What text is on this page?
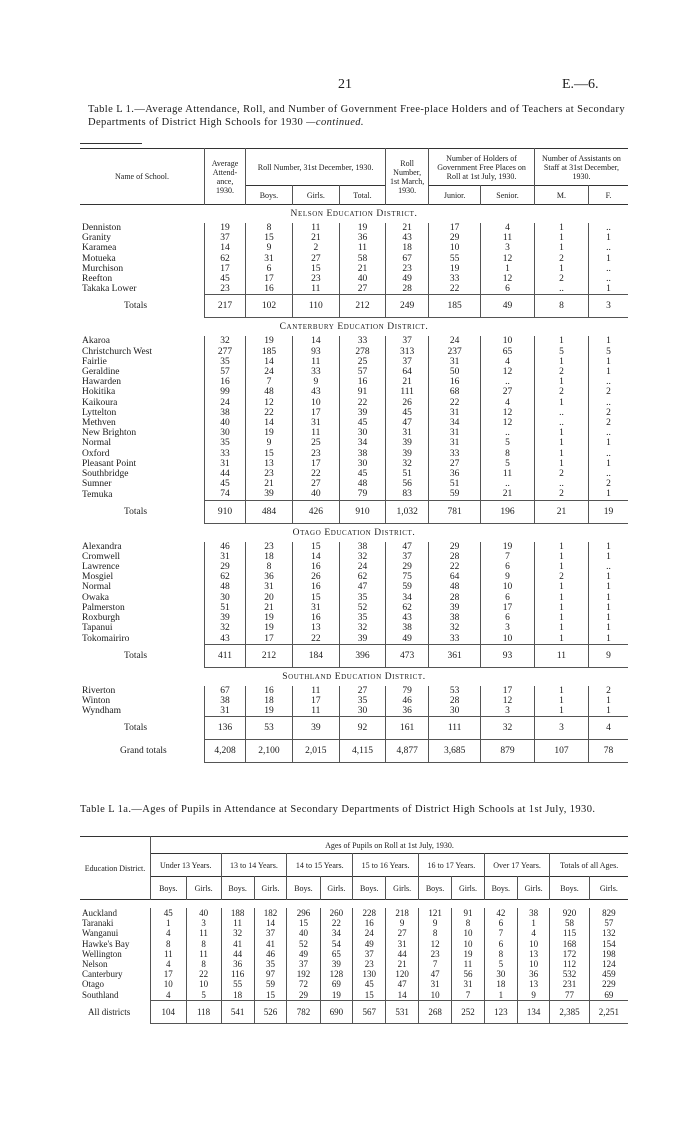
21	E.—6.
Table L 1.—Average Attendance, Roll, and Number of Government Free-place Holders and of Teachers at Secondary Departments of District High Schools for 1930 —continued.
Name of School.	Average Attend- ance, 1930.	Roll Number, 31st December, 1930.			Roll Number, 1st March, 1930.	Number of Holders of Government Free Places on Roll at 1st July, 1930.		Number of Assistants on Staff at 31st December, 1930.	
		Boys.	Girls.	Total.		Junior.	Senior.	M.	F.
Nelson Education District.									
Denniston	19	8	11	19	21	17	4	1	..
Granity	37	15	21	36	43	29	11	1	1
Karamea	14	9	2	11	18	10	3	1	..
Motueka	62	31	27	58	67	55	12	2	1
Murchison	17	6	15	21	23	19	1	1	..
Reefton	45	17	23	40	49	33	12	2	..
Takaka Lower	23	16	11	27	28	22	6	..	1
Totals	217	102	110	212	249	185	49	8	3
Canterbury Education District.									
Akaroa	32	19	14	33	37	24	10	1	1
Christchurch West	277	185	93	278	313	237	65	5	5
Fairlie	35	14	11	25	37	31	4	1	1
Geraldine	57	24	33	57	64	50	12	2	1
Hawarden	16	7	9	16	21	16	..	1	..
Hokitika	99	48	43	91	111	68	27	2	2
Kaikoura	24	12	10	22	26	22	4	1	..
Lyttelton	38	22	17	39	45	31	12	..	2
Methven	40	14	31	45	47	34	12	..	2
New Brighton	30	19	11	30	31	31	..	1	..
Normal	35	9	25	34	39	31	5	1	1
Oxford	33	15	23	38	39	33	8	1	..
Pleasant Point	31	13	17	30	32	27	5	1	1
Southbridge	44	23	22	45	51	36	11	2	..
Sumner	45	21	27	48	56	51	..	..	2
Temuka	74	39	40	79	83	59	21	2	1
Totals	910	484	426	910	1,032	781	196	21	19
Otago Education District.									
Alexandra	46	23	15	38	47	29	19	1	1
Cromwell	31	18	14	32	37	28	7	1	1
Lawrence	29	8	16	24	29	22	6	1	..
Mosgiel	62	36	26	62	75	64	9	2	1
Normal	48	31	16	47	59	48	10	1	1
Owaka	30	20	15	35	34	28	6	1	1
Palmerston	51	21	31	52	62	39	17	1	1
Roxburgh	39	19	16	35	43	38	6	1	1
Tapanui	32	19	13	32	38	32	3	1	1
Tokomairiro	43	17	22	39	49	33	10	1	1
Totals	411	212	184	396	473	361	93	11	9
Southland Education District.									
Riverton	67	16	11	27	79	53	17	1	2
Winton	38	18	17	35	46	28	12	1	1
Wyndham	31	19	11	30	36	30	3	1	1
Totals	136	53	39	92	161	111	32	3	4
Grand totals	4,208	2,100	2,015	4,115	4,877	3,685	879	107	78
Table L 1a.—Ages of Pupils in Attendance at Secondary Departments of District High Schools at 1st July, 1930.
Education District.	Ages of Pupils on Roll at 1st July, 1930.													
	Under 13 Years.		13 to 14 Years.		14 to 15 Years.		15 to 16 Years.		16 to 17 Years.		Over 17 Years.		Totals of all Ages.	
	Boys.	Girls.	Boys.	Girls.	Boys.	Girls.	Boys.	Girls.	Boys.	Girls.	Boys.	Girls.	Boys.	Girls.

Auckland	45	40	188	182	296	260	228	218	121	91	42	38	920	829
Taranaki	1	3	11	14	15	22	16	9	9	8	6	1	58	57
Wanganui	4	11	32	37	40	34	24	27	8	10	7	4	115	132
Hawke's Bay	8	8	41	41	52	54	49	31	12	10	6	10	168	154
Wellington	11	11	44	46	49	65	37	44	23	19	8	13	172	198
Nelson	4	8	36	35	37	39	23	21	7	11	5	10	112	124
Canterbury	17	22	116	97	192	128	130	120	47	56	30	36	532	459
Otago	10	10	55	59	72	69	45	47	31	31	18	13	231	229
Southland	4	5	18	15	29	19	15	14	10	7	1	9	77	69
All districts	104	118	541	526	782	690	567	531	268	252	123	134	2,385	2,251
